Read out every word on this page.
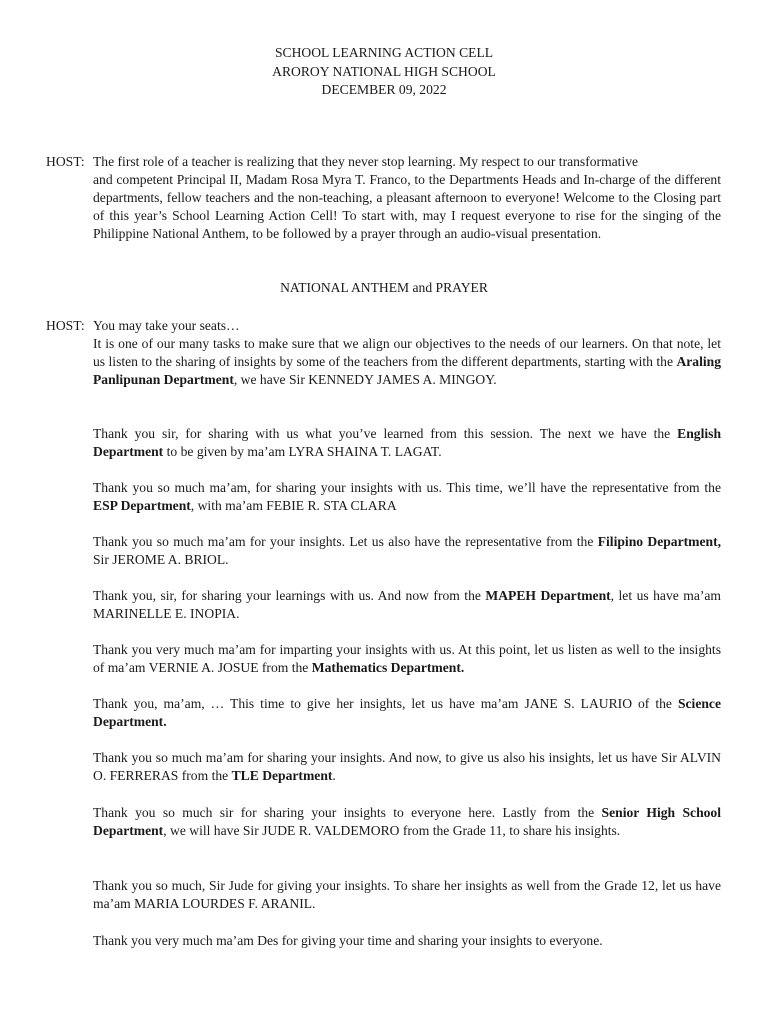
SCHOOL LEARNING ACTION CELL
AROROY NATIONAL HIGH SCHOOL
DECEMBER 09, 2022
HOST: The first role of a teacher is realizing that they never stop learning. My respect to our transformative
and competent Principal II, Madam Rosa Myra T. Franco, to the Departments Heads and In-charge of the different departments, fellow teachers and the non-teaching, a pleasant afternoon to everyone! Welcome to the Closing part of this year’s School Learning Action Cell! To start with, may I request everyone to rise for the singing of the Philippine National Anthem, to be followed by a prayer through an audio-visual presentation.
NATIONAL ANTHEM and PRAYER
HOST: You may take your seats…
It is one of our many tasks to make sure that we align our objectives to the needs of our learners. On that note, let us listen to the sharing of insights by some of the teachers from the different departments, starting with the Araling Panlipunan Department, we have Sir KENNEDY JAMES A. MINGOY.
Thank you sir, for sharing with us what you’ve learned from this session. The next we have the English Department to be given by ma’am LYRA SHAINA T. LAGAT.
Thank you so much ma’am, for sharing your insights with us. This time, we’ll have the representative from the ESP Department, with ma’am FEBIE R. STA CLARA
Thank you so much ma’am for your insights. Let us also have the representative from the Filipino Department, Sir JEROME A. BRIOL.
Thank you, sir, for sharing your learnings with us. And now from the MAPEH Department, let us have ma’am MARINELLE E. INOPIA.
Thank you very much ma’am for imparting your insights with us. At this point, let us listen as well to the insights of ma’am VERNIE A. JOSUE from the Mathematics Department.
Thank you, ma’am, … This time to give her insights, let us have ma’am JANE S. LAURIO of the Science Department.
Thank you so much ma’am for sharing your insights. And now, to give us also his insights, let us have Sir ALVIN O. FERRERAS from the TLE Department.
Thank you so much sir for sharing your insights to everyone here. Lastly from the Senior High School Department, we will have Sir JUDE R. VALDEMORO from the Grade 11, to share his insights.
Thank you so much, Sir Jude for giving your insights. To share her insights as well from the Grade 12, let us have ma’am MARIA LOURDES F. ARANIL.
Thank you very much ma’am Des for giving your time and sharing your insights to everyone.
